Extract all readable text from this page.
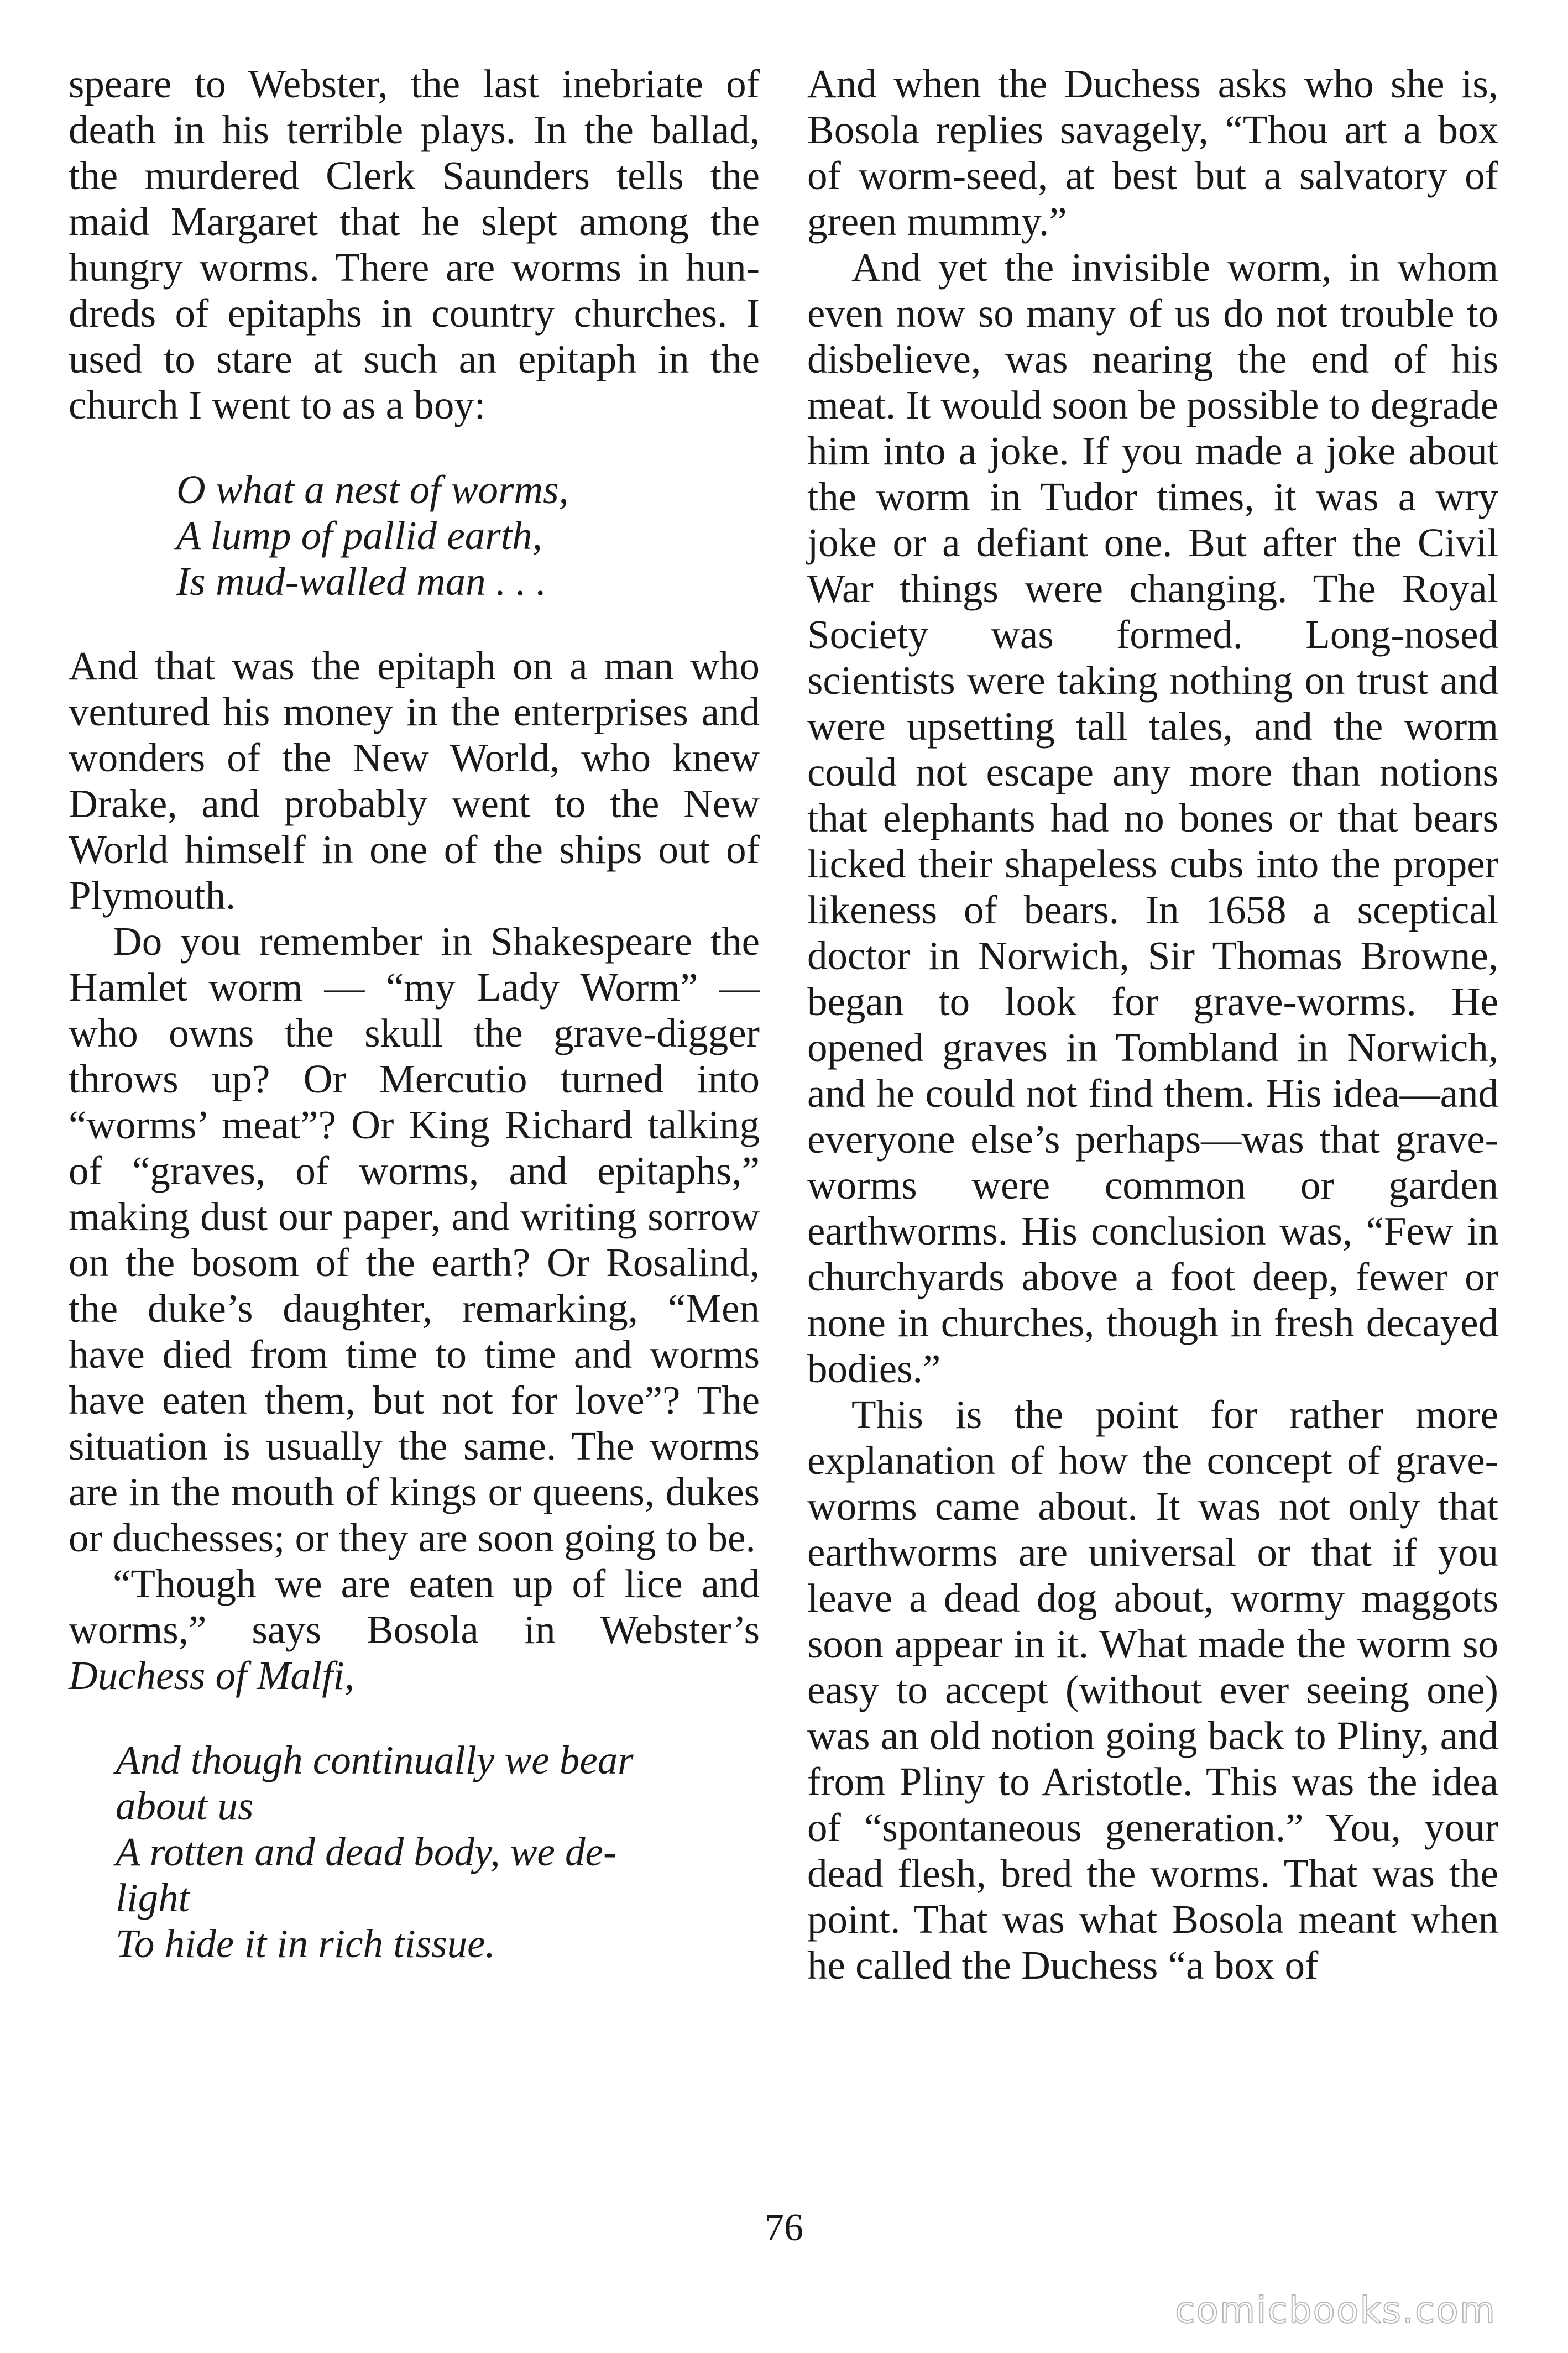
speare to Webster, the last inebriate of death in his terrible plays. In the ballad, the murdered Clerk Saunders tells the maid Margaret that he slept among the hungry worms. There are worms in hundreds of epitaphs in country churches. I used to stare at such an epitaph in the church I went to as a boy:

O what a nest of worms,
A lump of pallid earth,
Is mud-walled man . . .

And that was the epitaph on a man who ventured his money in the enterprises and wonders of the New World, who knew Drake, and probably went to the New World himself in one of the ships out of Plymouth.

Do you remember in Shakespeare the Hamlet worm — “my Lady Worm” — who owns the skull the grave-digger throws up? Or Mercutio turned into “worms’ meat”? Or King Richard talking of “graves, of worms, and epitaphs,” making dust our paper, and writing sorrow on the bosom of the earth? Or Rosalind, the duke’s daughter, remarking, “Men have died from time to time and worms have eaten them, but not for love”? The situation is usually the same. The worms are in the mouth of kings or queens, dukes or duchesses; or they are soon going to be.

“Though we are eaten up of lice and worms,” says Bosola in Webster’s Duchess of Malfi,

And though continually we bear
about us
A rotten and dead body, we de-
light
To hide it in rich tissue.

And when the Duchess asks who she is, Bosola replies savagely, “Thou art a box of worm-seed, at best but a salvatory of green mummy.”

And yet the invisible worm, in whom even now so many of us do not trouble to disbelieve, was nearing the end of his meat. It would soon be possible to degrade him into a joke. If you made a joke about the worm in Tudor times, it was a wry joke or a defiant one. But after the Civil War things were changing. The Royal Society was formed. Long-nosed scientists were taking nothing on trust and were upsetting tall tales, and the worm could not escape any more than notions that elephants had no bones or that bears licked their shapeless cubs into the proper likeness of bears. In 1658 a sceptical doctor in Norwich, Sir Thomas Browne, began to look for grave-worms. He opened graves in Tombland in Norwich, and he could not find them. His idea—and everyone else’s perhaps—was that grave-worms were common or garden earthworms. His conclusion was, “Few in churchyards above a foot deep, fewer or none in churches, though in fresh decayed bodies.”

This is the point for rather more explanation of how the concept of grave-worms came about. It was not only that earthworms are universal or that if you leave a dead dog about, wormy maggots soon appear in it. What made the worm so easy to accept (without ever seeing one) was an old notion going back to Pliny, and from Pliny to Aristotle. This was the idea of “spontaneous generation.” You, your dead flesh, bred the worms. That was the point. That was what Bosola meant when he called the Duchess “a box of

76
comicbooks.com
